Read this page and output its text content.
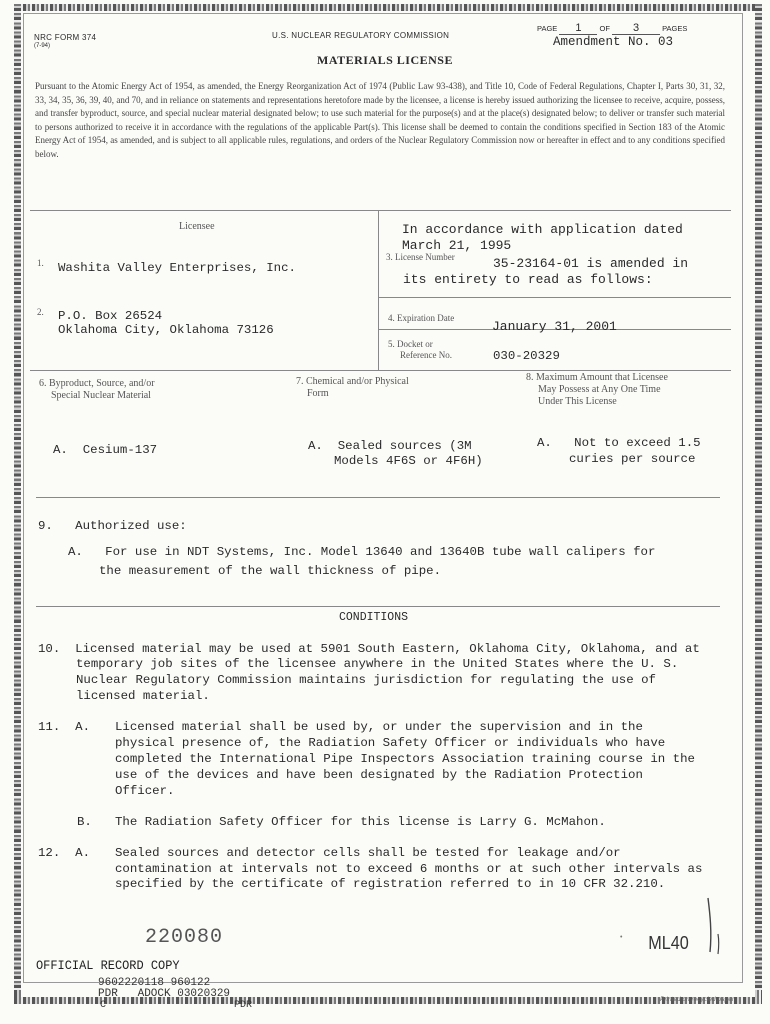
NRC FORM 374
(7-94)
U.S. NUCLEAR REGULATORY COMMISSION
PAGE 1 OF 3	PAGES
Amendment No. 03
MATERIALS LICENSE
Pursuant to the Atomic Energy Act of 1954, as amended, the Energy Reorganization Act of 1974 (Public Law 93-438), and Title 10, Code of Federal Regulations, Chapter I, Parts 30, 31, 32, 33, 34, 35, 36, 39, 40, and 70, and in reliance on statements and representations heretofore made by the licensee, a license is hereby issued authorizing the licensee to receive, acquire, possess, and transfer byproduct, source, and special nuclear material designated below; to use such material for the purpose(s) and at the place(s) designated below; to deliver or transfer such material to persons authorized to receive it in accordance with the regulations of the applicable Part(s). This license shall be deemed to contain the conditions specified in Section 183 of the Atomic Energy Act of 1954, as amended, and is subject to all applicable rules, regulations, and orders of the Nuclear Regulatory Commission now or hereafter in effect and to any conditions specified below.
Licensee
1. Washita Valley Enterprises, Inc.
2. P.O. Box 26524
Oklahoma City, Oklahoma 73126
In accordance with application dated
March 21, 1995
3. License Number	35-23164-01 is amended in
its entirety to read as follows:
4. Expiration Date
January 31, 2001
5. Docket or
Reference No.	030-20329
6. Byproduct, Source, and/or
Special Nuclear Material
7. Chemical and/or Physical
Form
8. Maximum Amount that Licensee
May Possess at Any One Time
Under This License
A.  Cesium-137	A.  Sealed sources (3M
Models 4F6S or 4F6H)
A.   Not to exceed 1.5
curies per source
9.   Authorized use:
A.   For use in NDT Systems, Inc. Model 13640 and 13640B tube wall calipers for
the measurement of the wall thickness of pipe.
CONDITIONS
10.  Licensed material may be used at 5901 South Eastern, Oklahoma City, Oklahoma, and at
temporary job sites of the licensee anywhere in the United States where the U. S.
Nuclear Regulatory Commission maintains jurisdiction for regulating the use of
licensed material.
11.  A. Licensed material shall be used by, or under the supervision and in the
physical presence of, the Radiation Safety Officer or individuals who have
completed the International Pipe Inspectors Association training course in the
use of the devices and have been designated by the Radiation Protection
Officer.
B. The Radiation Safety Officer for this license is Larry G. McMahon.
12.  A. Sealed sources and detector cells shall be tested for leakage and/or
contamination at intervals not to exceed 6 months or at such other intervals as
specified by the certificate of registration referred to in 10 CFR 32.210.
220080	• ML40
OFFICIAL RECORD COPY
9602220118 960122
PDR   ADOCK 03020329
C	PDR
Printed on recycled paper
